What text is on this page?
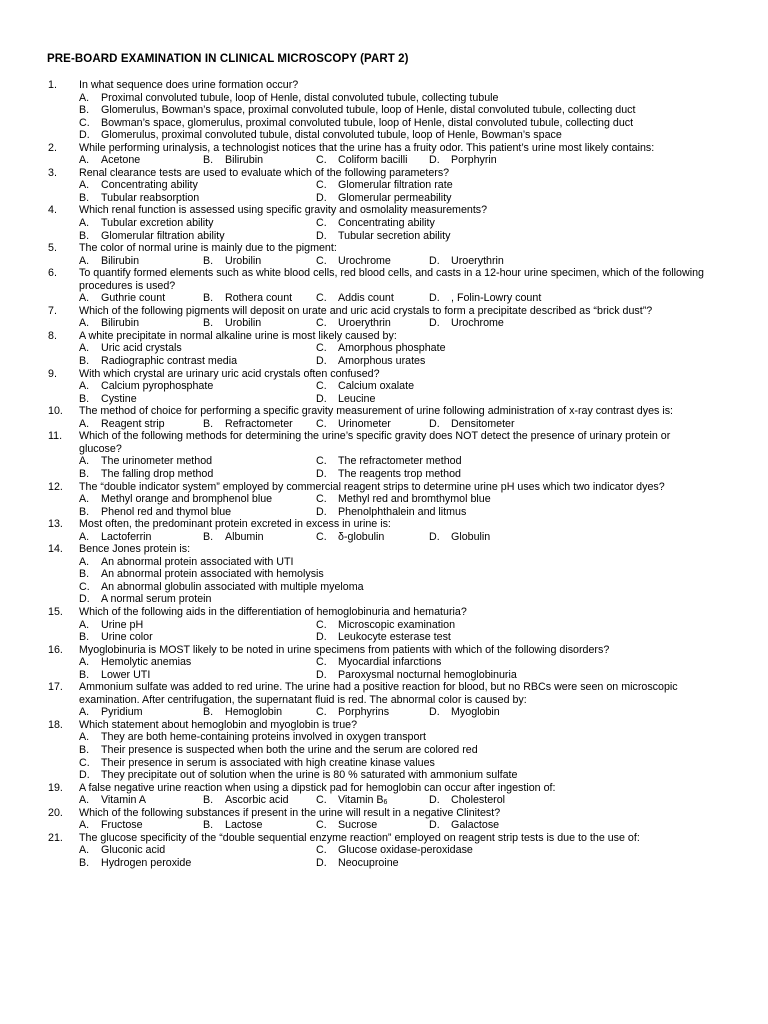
PRE-BOARD EXAMINATION IN CLINICAL MICROSCOPY (PART 2)
1.	In what sequence does urine formation occur?
A.	Proximal convoluted tubule, loop of Henle, distal convoluted tubule, collecting tubule
B.	Glomerulus, Bowman’s space, proximal convoluted tubule, loop of Henle, distal convoluted tubule, collecting duct
C.	Bowman’s space, glomerulus, proximal convoluted tubule, loop of Henle, distal convoluted tubule, collecting duct
D.	Glomerulus, proximal convoluted tubule, distal convoluted tubule, loop of Henle, Bowman’s space
2.	While performing urinalysis, a technologist notices that the urine has a fruity odor. This patient’s urine most likely contains:
A. Acetone	B. Bilirubin	C. Coliform bacilli D. Porphyrin
3.	Renal clearance tests are used to evaluate which of the following parameters?
A. Concentrating ability	C. Glomerular filtration rate
B. Tubular reabsorption	D. Glomerular permeability
4.	Which renal function is assessed using specific gravity and osmolality measurements?
A. Tubular excretion ability	C. Concentrating ability
B. Glomerular filtration ability	D. Tubular secretion ability
5.	The color of normal urine is mainly due to the pigment:
A. Bilirubin	B. Urobilin	C. Urochrome	D. Uroerythrin
6.	To quantify formed elements such as white blood cells, red blood cells, and casts in a 12-hour urine specimen, which of the following procedures is used?
A. Guthrie count	B. Rothera count C. Addis count	D. , Folin-Lowry count
7.	Which of the following pigments will deposit on urate and uric acid crystals to form a precipitate described as “brick dust”?
A. Bilirubin	B. Urobilin	C. Uroerythrin	D. Urochrome
8.	A white precipitate in normal alkaline urine is most likely caused by:
A. Uric acid crystals	C. Amorphous phosphate
B. Radiographic contrast media	D. Amorphous urates
9.	With which crystal are urinary uric acid crystals often confused?
A. Calcium pyrophosphate	C. Calcium oxalate
B. Cystine	D. Leucine
10.	The method of choice for performing a specific gravity measurement of urine following administration of x-ray contrast dyes is:
A. Reagent strip	B. Refractometer C. Urinometer	D. Densitometer
11.	Which of the following methods for determining the urine’s specific gravity does NOT detect the presence of urinary protein or glucose?
A. The urinometer method	C. The refractometer method
B. The falling drop method	D. The reagents trop method
12.	The “double indicator system” employed by commercial reagent strips to determine urine pH uses which two indicator dyes?
A. Methyl orange and bromphenol blue	C. Methyl red and bromthymol blue
B. Phenol red and thymol blue	D. Phenolphthalein and litmus
13.	Most often, the predominant protein excreted in excess in urine is:
A. Lactoferrin	B. Albumin	C. δ-globulin	D. Globulin
14.	Bence Jones protein is:
A.	An abnormal protein associated with UTI
B.	An abnormal protein associated with hemolysis
C.	An abnormal globulin associated with multiple myeloma
D.	A normal serum protein
15.	Which of the following aids in the differentiation of hemoglobinuria and hematuria?
A. Urine pH	C. Microscopic examination
B. Urine color	D. Leukocyte esterase test
16.	Myoglobinuria is MOST likely to be noted in urine specimens from patients with which of the following disorders?
A. Hemolytic anemias	C. Myocardial infarctions
B. Lower UTI	D. Paroxysmal nocturnal hemoglobinuria
17.	Ammonium sulfate was added to red urine. The urine had a positive reaction for blood, but no RBCs were seen on microscopic examination. After centrifugation, the supernatant fluid is red. The abnormal color is caused by:
A. Pyridium	B. Hemoglobin	C. Porphyrins	D. Myoglobin
18.	Which statement about hemoglobin and myoglobin is true?
A.	They are both heme-containing proteins involved in oxygen transport
B.	Their presence is suspected when both the urine and the serum are colored red
C.	Their presence in serum is associated with high creatine kinase values
D.	They precipitate out of solution when the urine is 80 % saturated with ammonium sulfate
19.	A false negative urine reaction when using a dipstick pad for hemoglobin can occur after ingestion of:
A. Vitamin A	B. Ascorbic acid	C. Vitamin $B_6$	D. Cholesterol
20.	Which of the following substances if present in the urine will result in a negative Clinitest?
A. Fructose	B. Lactose	C. Sucrose	D. Galactose
21.	The glucose specificity of the “double sequential enzyme reaction” employed on reagent strip tests is due to the use of:
A. Gluconic acid	C. Glucose oxidase-peroxidase
B. Hydrogen peroxide	D. Neocuproine
